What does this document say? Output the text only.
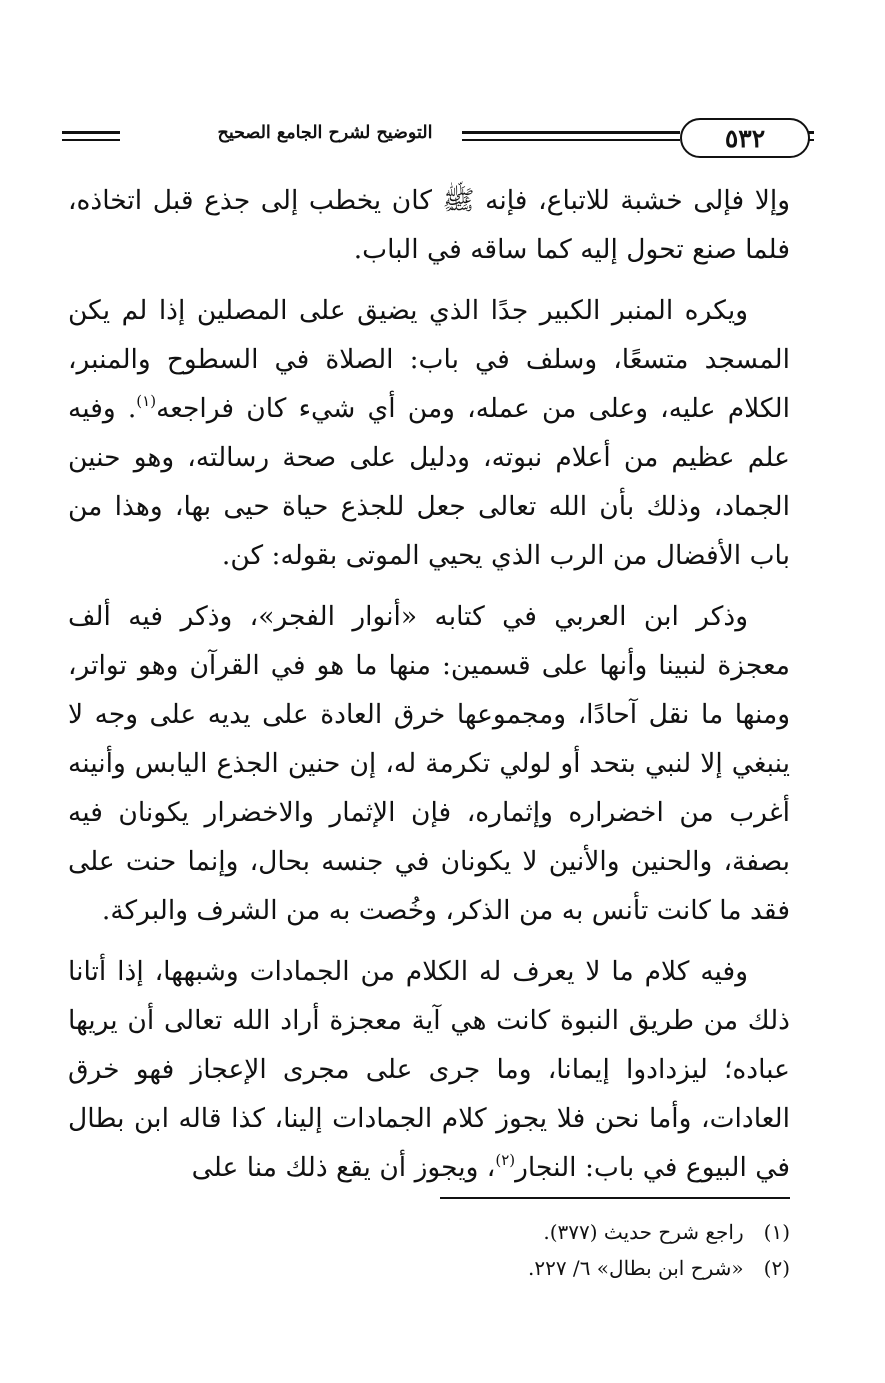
التوضيح لشرح الجامع الصحيح	٥٣٢

وإلا فإلى خشبة للاتباع، فإنه ﷺ كان يخطب إلى جذع قبل اتخاذه، فلما صنع تحول إليه كما ساقه في الباب.

ويكره المنبر الكبير جدًا الذي يضيق على المصلين إذا لم يكن المسجد متسعًا، وسلف في باب: الصلاة في السطوح والمنبر، الكلام عليه، وعلى من عمله، ومن أي شيء كان فراجعه$^{(١)}$. وفيه علم عظيم من أعلام نبوته، ودليل على صحة رسالته، وهو حنين الجماد، وذلك بأن الله تعالى جعل للجذع حياة حيى بها، وهذا من باب الأفضال من الرب الذي يحيي الموتى بقوله: كن.

وذكر ابن العربي في كتابه «أنوار الفجر»، وذكر فيه ألف معجزة لنبينا وأنها على قسمين: منها ما هو في القرآن وهو تواتر، ومنها ما نقل آحادًا، ومجموعها خرق العادة على يديه على وجه لا ينبغي إلا لنبي بتحد أو لولي تكرمة له، إن حنين الجذع اليابس وأنينه أغرب من اخضراره وإثماره، فإن الإثمار والاخضرار يكونان فيه بصفة، والحنين والأنين لا يكونان في جنسه بحال، وإنما حنت على فقد ما كانت تأنس به من الذكر، وخُصت به من الشرف والبركة.

وفيه كلام ما لا يعرف له الكلام من الجمادات وشبهها، إذا أتانا ذلك من طريق النبوة كانت هي آية معجزة أراد الله تعالى أن يريها عباده؛ ليزدادوا إيمانا، وما جرى على مجرى الإعجاز فهو خرق العادات، وأما نحن فلا يجوز كلام الجمادات إلينا، كذا قاله ابن بطال في البيوع في باب: النجار$^{(٢)}$، ويجوز أن يقع ذلك منا على

(١) راجع شرح حديث (٣٧٧).
(٢) «شرح ابن بطال» ٦/ ٢٢٧.
